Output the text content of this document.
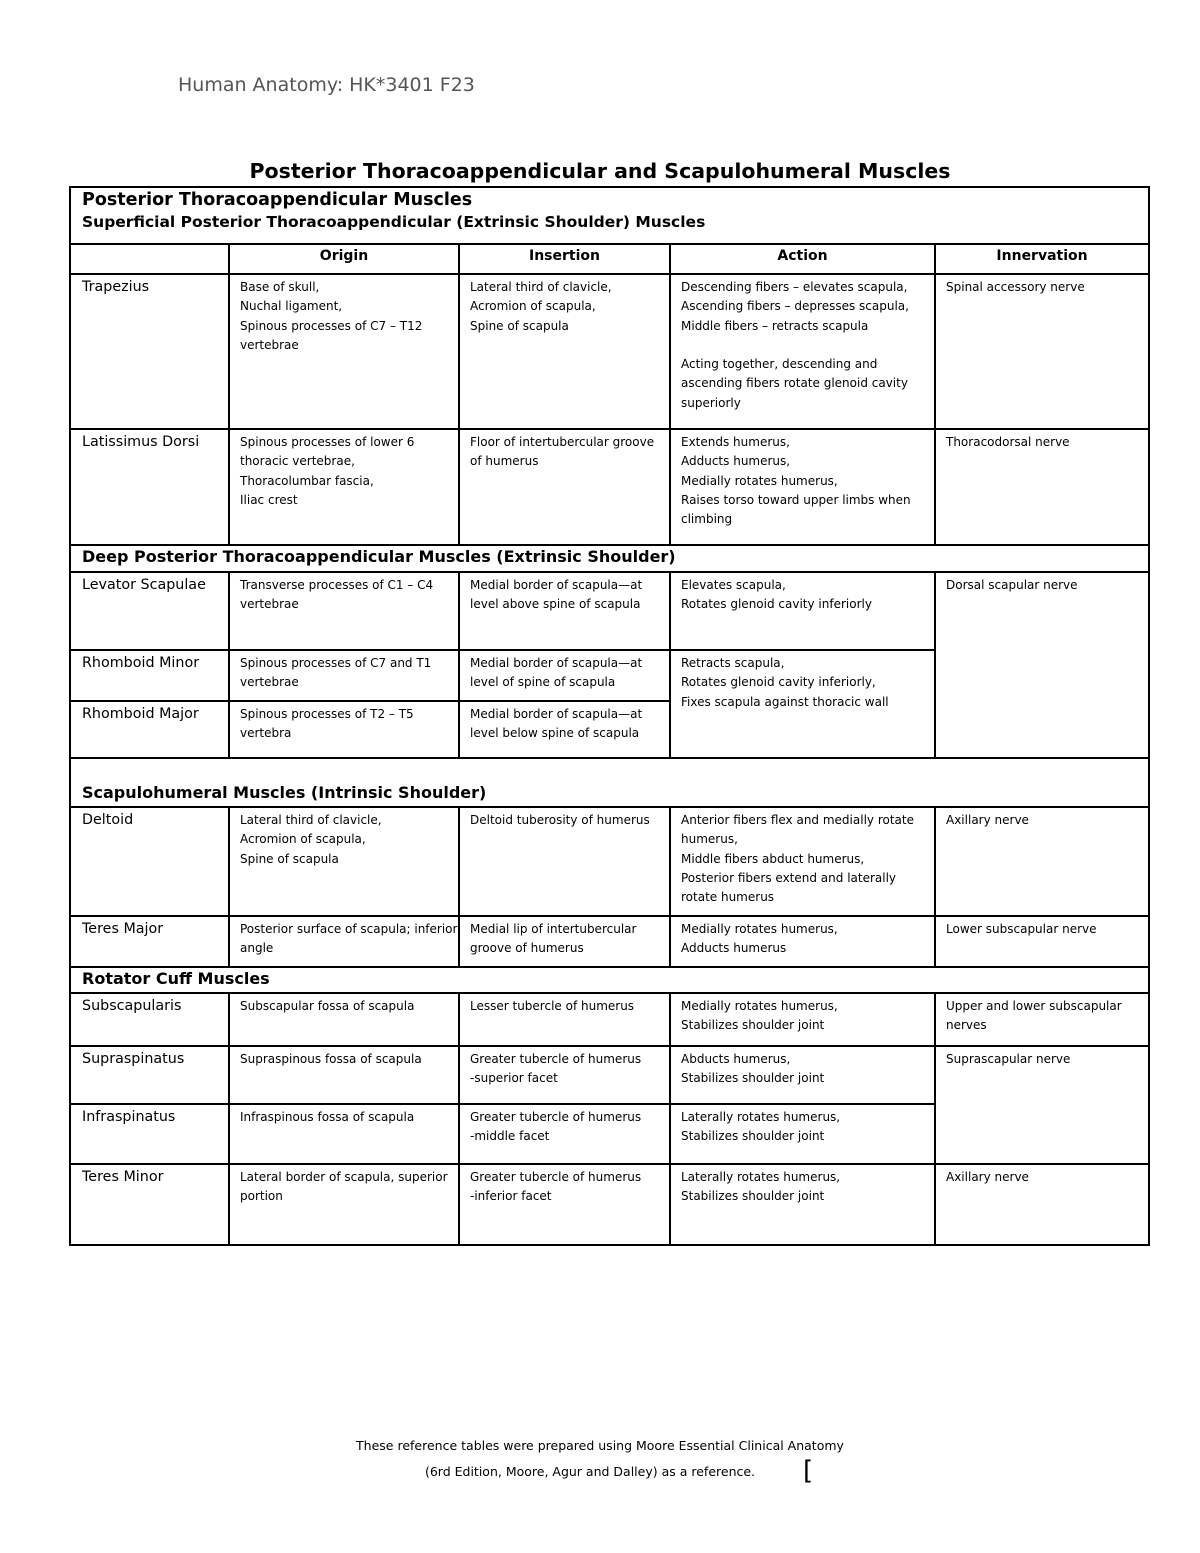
Human Anatomy: HK*3401 F23
Posterior Thoracoappendicular and Scapulohumeral Muscles
Posterior Thoracoappendicular Muscles
Superficial Posterior Thoracoappendicular (Extrinsic Shoulder) Muscles				

	Origin	Insertion	Action	Innervation
Trapezius	Base of skull,
Nuchal ligament,
Spinous processes of C7 – T12 vertebrae	Lateral third of clavicle,
Acromion of scapula,
Spine of scapula	Descending fibers – elevates scapula,
Ascending fibers – depresses scapula,
Middle fibers – retracts scapula

Acting together, descending and ascending fibers rotate glenoid cavity superiorly	Spinal accessory nerve
Latissimus Dorsi	Spinous processes of lower 6 thoracic vertebrae,
Thoracolumbar fascia,
Iliac crest	Floor of intertubercular groove of humerus	Extends humerus,
Adducts humerus,
Medially rotates humerus,
Raises torso toward upper limbs when climbing	Thoracodorsal nerve

Deep Posterior Thoracoappendicular Muscles (Extrinsic Shoulder)				

Levator Scapulae	Transverse processes of C1 – C4 vertebrae	Medial border of scapula—at level above spine of scapula	Elevates scapula,
Rotates glenoid cavity inferiorly	Dorsal scapular nerve
Rhomboid Minor	Spinous processes of C7 and T1 vertebrae	Medial border of scapula—at level of spine of scapula	Retracts scapula,
Rotates glenoid cavity inferiorly,
Fixes scapula against thoracic wall	
Rhomboid Major	Spinous processes of T2 – T5 vertebra	Medial border of scapula—at level below spine of scapula		

Scapulohumeral Muscles (Intrinsic Shoulder)				

Deltoid	Lateral third of clavicle,
Acromion of scapula,
Spine of scapula	Deltoid tuberosity of humerus	Anterior fibers flex and medially rotate humerus,
Middle fibers abduct humerus,
Posterior fibers extend and laterally rotate humerus	Axillary nerve
Teres Major	Posterior surface of scapula; inferior angle	Medial lip of intertubercular groove of humerus	Medially rotates humerus,
Adducts humerus	Lower subscapular nerve

Rotator Cuff Muscles				

Subscapularis	Subscapular fossa of scapula	Lesser tubercle of humerus	Medially rotates humerus,
Stabilizes shoulder joint	Upper and lower subscapular nerves
Supraspinatus	Supraspinous fossa of scapula	Greater tubercle of humerus
-superior facet	Abducts humerus,
Stabilizes shoulder joint	Suprascapular nerve
Infraspinatus	Infraspinous fossa of scapula	Greater tubercle of humerus
-middle facet	Laterally rotates humerus,
Stabilizes shoulder joint	
Teres Minor	Lateral border of scapula, superior portion	Greater tubercle of humerus
-inferior facet	Laterally rotates humerus,
Stabilizes shoulder joint	Axillary nerve
These reference tables were prepared using Moore Essential Clinical Anatomy
(6rd Edition, Moore, Agur and Dalley) as a reference.	[
